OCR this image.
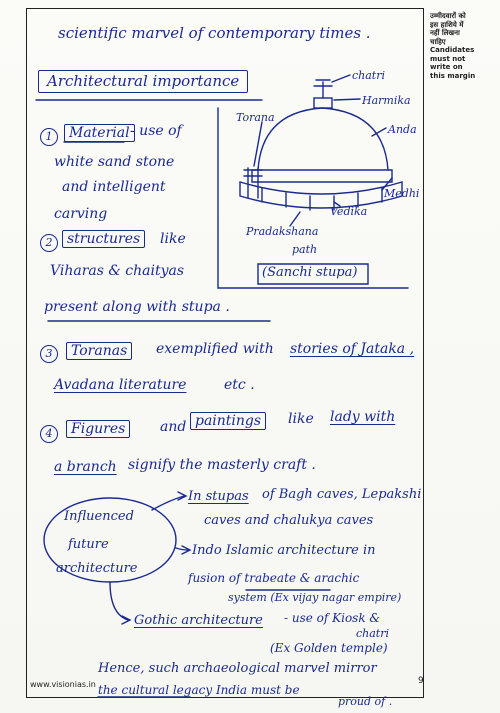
उम्मीदवारों को
इस हाशिये में
नहीं लिखना
चाहिए
Candidates
must not
write on
this margin
scientific marvel of contemporary times .
Architectural importance
1	Material - use of
white sand stone
and intelligent
carving
2	structures	like
Viharas & chaityas
present along with stupa .
3	Toranas	exemplified with stories of Jataka ,
Avadana literature	etc .
4	Figures	and paintings	like lady with
a branch signify the masterly craft .
Influenced
future
architecture
In stupas of Bagh caves, Lepakshi
caves and chalukya caves
Indo Islamic architecture in
fusion of trabeate & arachic
system (Ex vijay nagar empire)
Gothic architecture - use of Kiosk &
chatri
(Ex Golden temple)
Hence, such archaeological marvel mirror
the cultural legacy India must be
proud of .
chatri
Harmika
Torana
Anda
Medhi
Vedika
Pradakshana
path
(Sanchi stupa)
www.visionias.in	9
